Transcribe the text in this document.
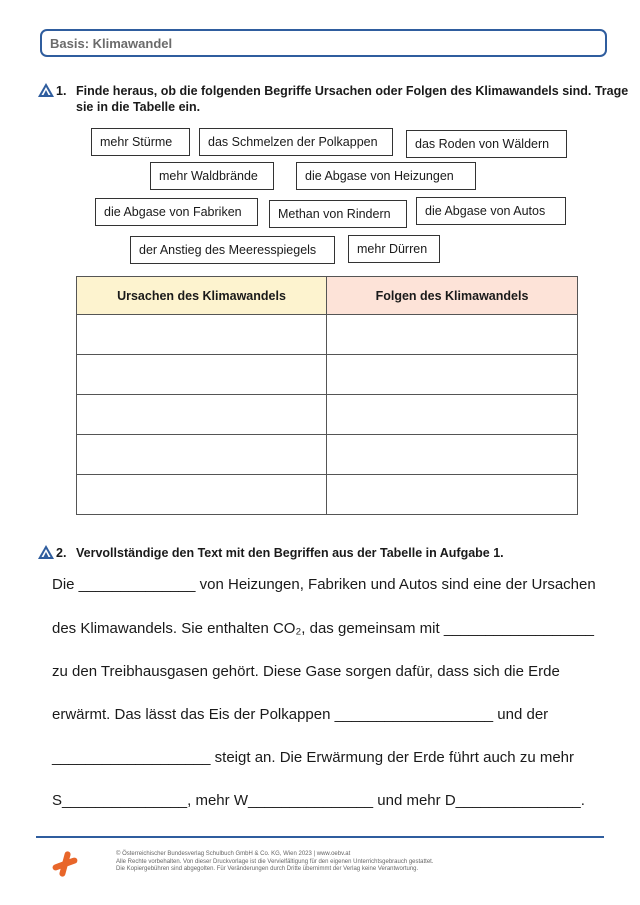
Basis: Klimawandel
1. Finde heraus, ob die folgenden Begriffe Ursachen oder Folgen des Klimawandels sind. Trage sie in die Tabelle ein.
mehr Stürme	das Schmelzen der Polkappen	das Roden von Wäldern
mehr Waldbrände	die Abgase von Heizungen
die Abgase von Fabriken	Methan von Rindern	die Abgase von Autos
der Anstieg des Meeresspiegels	mehr Dürren
Ursachen des Klimawandels	Folgen des Klimawandels

2. Vervollständige den Text mit den Begriffen aus der Tabelle in Aufgabe 1.
Die ______________ von Heizungen, Fabriken und Autos sind eine der Ursachen
des Klimawandels. Sie enthalten CO₂, das gemeinsam mit __________________
zu den Treibhausgasen gehört. Diese Gase sorgen dafür, dass sich die Erde
erwärmt. Das lässt das Eis der Polkappen ___________________ und der
___________________ steigt an. Die Erwärmung der Erde führt auch zu mehr
S_______________, mehr W_______________ und mehr D_______________.
© Österreichischer Bundesverlag Schulbuch GmbH & Co. KG, Wien 2023 | www.oebv.at
Alle Rechte vorbehalten. Von dieser Druckvorlage ist die Vervielfältigung für den eigenen Unterrichtsgebrauch gestattet.
Die Kopiergebühren sind abgegolten. Für Veränderungen durch Dritte übernimmt der Verlag keine Verantwortung.
